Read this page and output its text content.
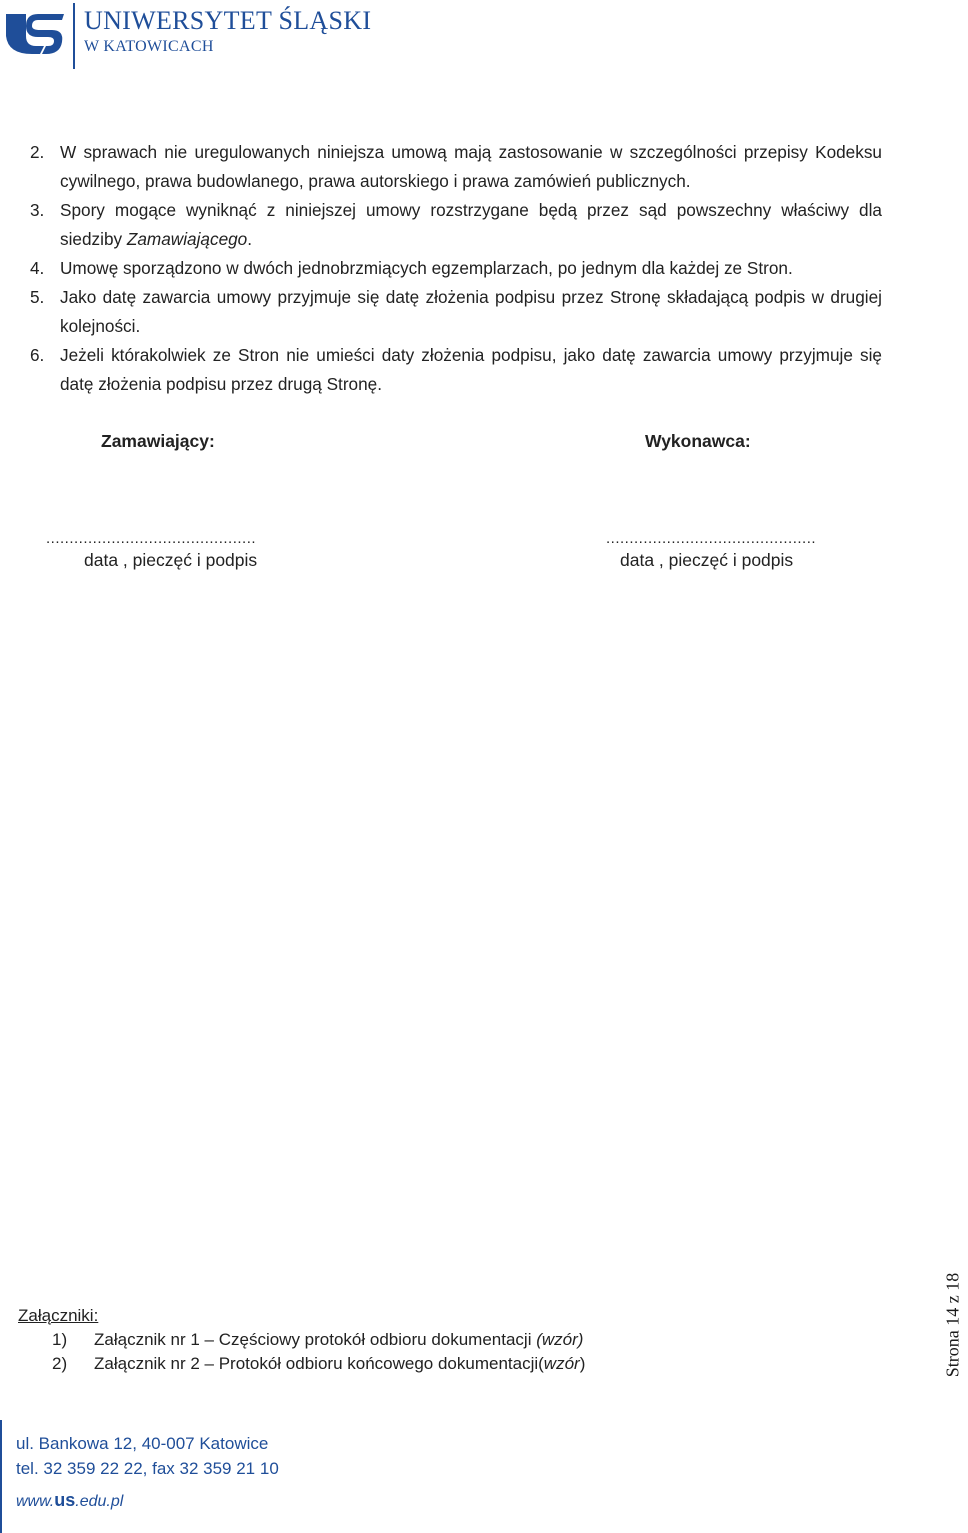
UNIWERSYTET ŚLĄSKI
W KATOWICACH
2. W sprawach nie uregulowanych niniejsza umową mają zastosowanie w szczególności przepisy Kodeksu cywilnego, prawa budowlanego, prawa autorskiego i prawa zamówień publicznych.
3. Spory mogące wyniknąć z niniejszej umowy rozstrzygane będą przez sąd powszechny właściwy dla siedziby Zamawiającego.
4. Umowę sporządzono w dwóch jednobrzmiących egzemplarzach, po jednym dla każdej ze Stron.
5. Jako datę zawarcia umowy przyjmuje się datę złożenia podpisu przez Stronę składającą podpis w drugiej kolejności.
6. Jeżeli którakolwiek ze Stron nie umieści daty złożenia podpisu, jako datę zawarcia umowy przyjmuje się datę złożenia podpisu przez drugą Stronę.
Zamawiający:	Wykonawca:
.............................................	.............................................
data , pieczęć i podpis	data , pieczęć i podpis
Załączniki:
1) Załącznik nr 1 – Częściowy protokół odbioru dokumentacji (wzór)
2) Załącznik nr 2 – Protokół odbioru końcowego dokumentacji(wzór)	Strona 14 z 18
ul. Bankowa 12, 40-007 Katowice
tel. 32 359 22 22, fax 32 359 21 10
www.us.edu.pl
